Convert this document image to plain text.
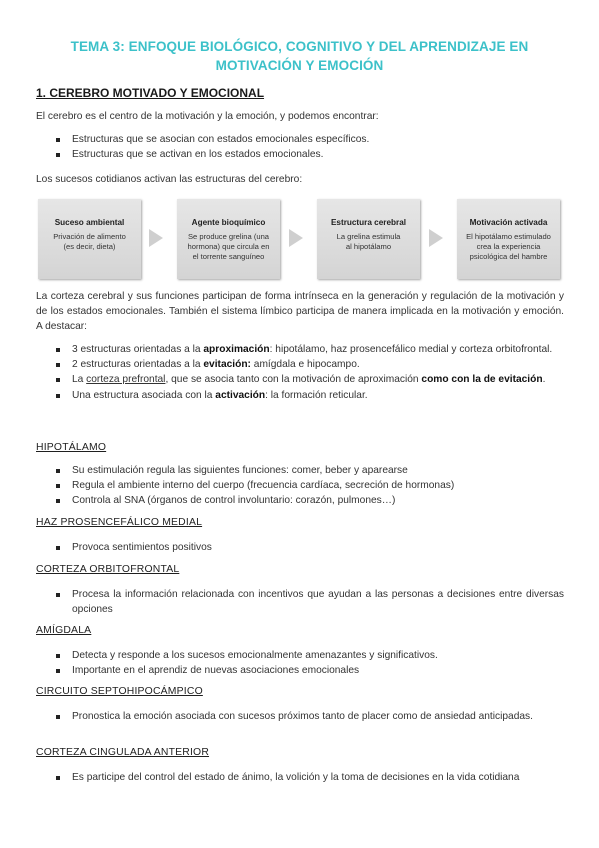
TEMA 3: ENFOQUE BIOLÓGICO, COGNITIVO Y DEL APRENDIZAJE EN
MOTIVACIÓN Y EMOCIÓN
1. CEREBRO MOTIVADO Y EMOCIONAL
El cerebro es el centro de la motivación y la emoción, y podemos encontrar:
Estructuras que se asocian con estados emocionales específicos.
Estructuras que se activan en los estados emocionales.
Los sucesos cotidianos activan las estructuras del cerebro:
Suceso ambiental
Privación de alimento
(es decir, dieta)
Agente bioquímico
Se produce grelina (una
hormona) que circula en
el torrente sanguíneo
Estructura cerebral
La grelina estimula
al hipotálamo
Motivación activada
El hipotálamo estimulado
crea la experiencia
psicológica del hambre
La corteza cerebral y sus funciones participan de forma intrínseca en la generación y regulación de la motivación y de los estados emocionales. También el sistema límbico participa de manera implicada en la motivación y emoción. A destacar:
3 estructuras orientadas a la aproximación: hipotálamo, haz prosencefálico medial y corteza orbitofrontal.
2 estructuras orientadas a la evitación: amígdala e hipocampo.
La corteza prefrontal, que se asocia tanto con la motivación de aproximación como con la de evitación.
Una estructura asociada con la activación: la formación reticular.
HIPOTÁLAMO
Su estimulación regula las siguientes funciones: comer, beber y aparearse
Regula el ambiente interno del cuerpo (frecuencia cardíaca, secreción de hormonas)
Controla al SNA (órganos de control involuntario: corazón, pulmones…)
HAZ PROSENCEFÁLICO MEDIAL
Provoca sentimientos positivos
CORTEZA ORBITOFRONTAL
Procesa la información relacionada con incentivos que ayudan a las personas a decisiones entre diversas opciones
AMÍGDALA
Detecta y responde a los sucesos emocionalmente amenazantes y significativos.
Importante en el aprendiz de nuevas asociaciones emocionales
CIRCUITO SEPTOHIPOCÁMPICO
Pronostica la emoción asociada con sucesos próximos tanto de placer como de ansiedad anticipadas.
CORTEZA CINGULADA ANTERIOR
Es participe del control del estado de ánimo, la volición y la toma de decisiones en la vida cotidiana
